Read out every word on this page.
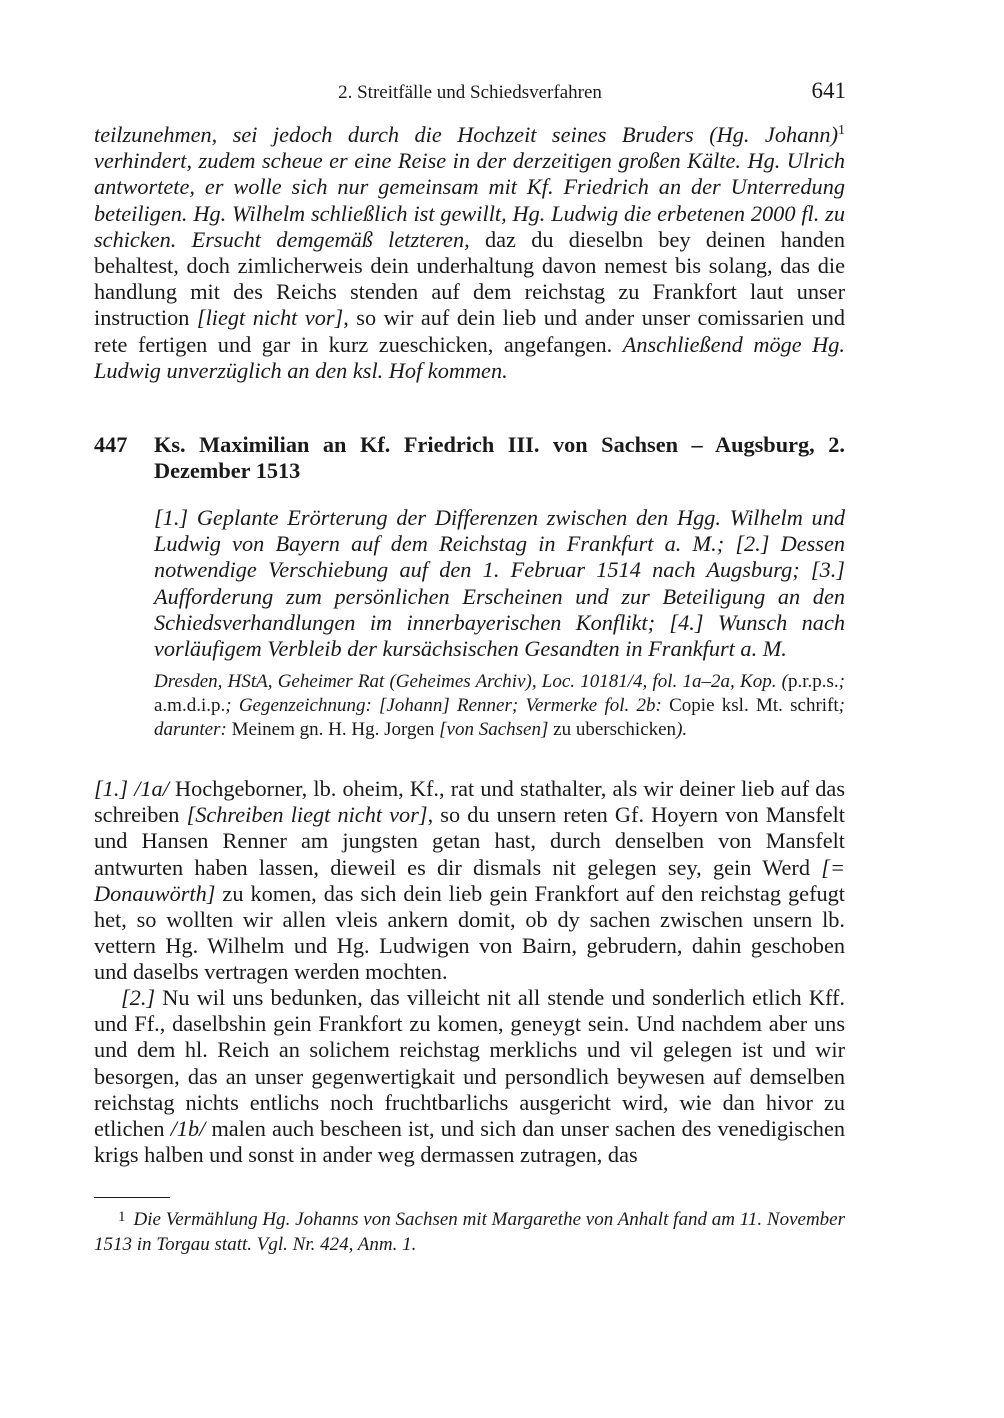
2. Streitfälle und Schiedsverfahren	641
teilzunehmen, sei jedoch durch die Hochzeit seines Bruders (Hg. Johann)$^1$ verhindert, zudem scheue er eine Reise in der derzeitigen großen Kälte. Hg. Ulrich antwortete, er wolle sich nur gemeinsam mit Kf. Friedrich an der Unterredung beteiligen. Hg. Wilhelm schließlich ist gewillt, Hg. Ludwig die erbetenen 2000 fl. zu schicken. Ersucht demgemäß letzteren, daz du dieselbn bey deinen handen behaltest, doch zimlicherweis dein underhaltung davon nemest bis solang, das die handlung mit des Reichs stenden auf dem reichstag zu Frankfort laut unser instruction [liegt nicht vor], so wir auf dein lieb und ander unser comissarien und rete fertigen und gar in kurz zueschicken, angefangen. Anschließend möge Hg. Ludwig unverzüglich an den ksl. Hof kommen.
447 Ks. Maximilian an Kf. Friedrich III. von Sachsen – Augsburg, 2. Dezember 1513
[1.] Geplante Erörterung der Differenzen zwischen den Hgg. Wilhelm und Ludwig von Bayern auf dem Reichstag in Frankfurt a. M.; [2.] Dessen notwendige Verschiebung auf den 1. Februar 1514 nach Augsburg; [3.] Aufforderung zum persönlichen Erscheinen und zur Beteiligung an den Schiedsverhandlungen im innerbayerischen Konflikt; [4.] Wunsch nach vorläufigem Verbleib der kursächsischen Gesandten in Frankfurt a. M.
Dresden, HStA, Geheimer Rat (Geheimes Archiv), Loc. 10181/4, fol. 1a–2a, Kop. (p.r.p.s.; a.m.d.i.p.; Gegenzeichnung: [Johann] Renner; Vermerke fol. 2b: Copie ksl. Mt. schrift; darunter: Meinem gn. H. Hg. Jorgen [von Sachsen] zu uberschicken).
[1.] /1a/ Hochgeborner, lb. oheim, Kf., rat und stathalter, als wir deiner lieb auf das schreiben [Schreiben liegt nicht vor], so du unsern reten Gf. Hoyern von Mansfelt und Hansen Renner am jungsten getan hast, durch denselben von Mansfelt antwurten haben lassen, dieweil es dir dismals nit gelegen sey, gein Werd [= Donauwörth] zu komen, das sich dein lieb gein Frankfort auf den reichstag gefugt het, so wollten wir allen vleis ankern domit, ob dy sachen zwischen unsern lb. vettern Hg. Wilhelm und Hg. Ludwigen von Bairn, gebrudern, dahin geschoben und daselbs vertragen werden mochten.
[2.] Nu wil uns bedunken, das villeicht nit all stende und sonderlich etlich Kff. und Ff., daselbshin gein Frankfort zu komen, geneygt sein. Und nachdem aber uns und dem hl. Reich an solichem reichstag merklichs und vil gelegen ist und wir besorgen, das an unser gegenwertigkait und persondlich beywesen auf demselben reichstag nichts entlichs noch fruchtbarlichs ausgericht wird, wie dan hivor zu etlichen /1b/ malen auch bescheen ist, und sich dan unser sachen des venedigischen krigs halben und sonst in ander weg dermassen zutragen, das
$^1$ Die Vermählung Hg. Johanns von Sachsen mit Margarethe von Anhalt fand am 11. November 1513 in Torgau statt. Vgl. Nr. 424, Anm. 1.
